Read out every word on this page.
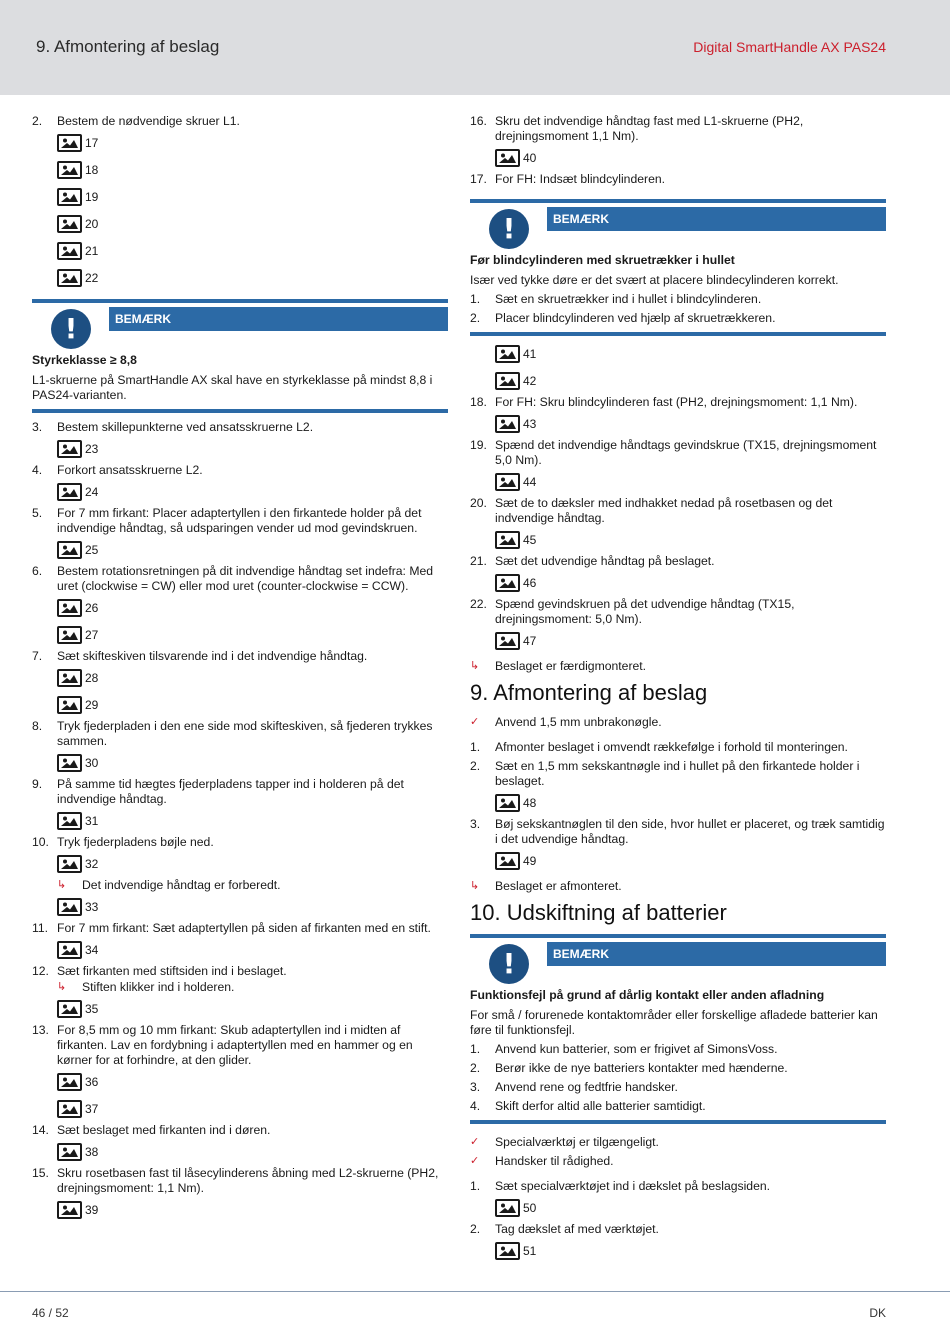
9. Afmontering af beslag	Digital SmartHandle AX PAS24
2.	Bestem de nødvendige skruer L1.
17
18
19
20
21
22
!	BEMÆRK
Styrkeklasse ≥ 8,8
L1-skruerne på SmartHandle AX skal have en styrkeklasse på mindst 8,8 i PAS24-varianten.
3.	Bestem skillepunkterne ved ansatsskruerne L2.
23
4.	Forkort ansatsskruerne L2.
24
5.	For 7 mm firkant: Placer adaptertyllen i den firkantede holder på det indvendige håndtag, så udsparingen vender ud mod gevindskruen.
25
6.	Bestem rotationsretningen på dit indvendige håndtag set indefra: Med uret (clockwise = CW) eller mod uret (counter-clockwise = CCW).
26
27
7.	Sæt skifteskiven tilsvarende ind i det indvendige håndtag.
28
29
8.	Tryk fjederpladen i den ene side mod skifteskiven, så fjederen trykkes sammen.
30
9.	På samme tid hægtes fjederpladens tapper ind i holderen på det indvendige håndtag.
31
10. Tryk fjederpladens bøjle ned.
32
↳	Det indvendige håndtag er forberedt.
33
11. For 7 mm firkant: Sæt adaptertyllen på siden af firkanten med en stift.
34
12. Sæt firkanten med stiftsiden ind i beslaget.
↳	Stiften klikker ind i holderen.
35
13. For 8,5 mm og 10 mm firkant: Skub adaptertyllen ind i midten af firkanten. Lav en fordybning i adaptertyllen med en hammer og en kørner for at forhindre, at den glider.
36
37
14. Sæt beslaget med firkanten ind i døren.
38
15. Skru rosetbasen fast til låsecylinderens åbning med L2-skruerne (PH2, drejningsmoment: 1,1 Nm).
39
16. Skru det indvendige håndtag fast med L1-skruerne (PH2, drejningsmoment 1,1 Nm).
40
17. For FH: Indsæt blindcylinderen.
!	BEMÆRK
Før blindcylinderen med skruetrækker i hullet
Især ved tykke døre er det svært at placere blindecylinderen korrekt.
1.	Sæt en skruetrækker ind i hullet i blindcylinderen.
2.	Placer blindcylinderen ved hjælp af skruetrækkeren.
41
42
18. For FH: Skru blindcylinderen fast (PH2, drejningsmoment: 1,1 Nm).
43
19. Spænd det indvendige håndtags gevindskrue (TX15, drejningsmoment 5,0 Nm).
44
20. Sæt de to dæksler med indhakket nedad på rosetbasen og det indvendige håndtag.
45
21. Sæt det udvendige håndtag på beslaget.
46
22. Spænd gevindskruen på det udvendige håndtag (TX15, drejningsmoment: 5,0 Nm).
47
↳	Beslaget er færdigmonteret.
9. Afmontering af beslag
✓	Anvend 1,5 mm unbrakonøgle.
1.	Afmonter beslaget i omvendt rækkefølge i forhold til monteringen.
2.	Sæt en 1,5 mm sekskantnøgle ind i hullet på den firkantede holder i beslaget.
48
3.	Bøj sekskantnøglen til den side, hvor hullet er placeret, og træk samtidig i det udvendige håndtag.
49
↳	Beslaget er afmonteret.
10. Udskiftning af batterier
!	BEMÆRK
Funktionsfejl på grund af dårlig kontakt eller anden afladning
For små / forurenede kontaktområder eller forskellige afladede batterier kan føre til funktionsfejl.
1.	Anvend kun batterier, som er frigivet af SimonsVoss.
2.	Berør ikke de nye batteriers kontakter med hænderne.
3.	Anvend rene og fedtfrie handsker.
4.	Skift derfor altid alle batterier samtidigt.
✓	Specialværktøj er tilgængeligt.
✓	Handsker til rådighed.
1.	Sæt specialværktøjet ind i dækslet på beslagsiden.
50
2.	Tag dækslet af med værktøjet.
51
46 / 52	DK
